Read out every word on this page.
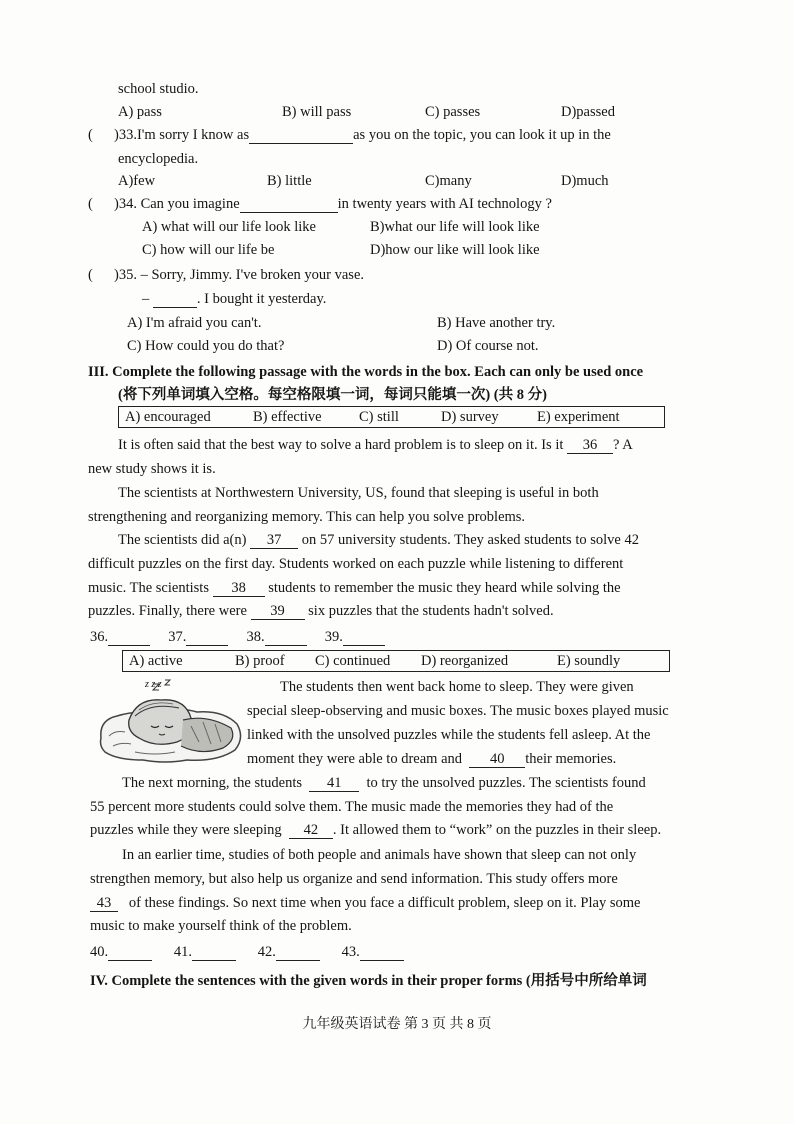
school studio.
A) pass	B) will pass	C) passes	D)passed
( )33.I'm sorry I know as	as you on the topic, you can look it up in the
encyclopedia.
A)few	B) little	C)many	D)much
( )34. Can you imagine	in twenty years with AI technology ?
A) what will our life look like	B)what our life will look like
C) how will our life be	D)how our like will look like
( )35. – Sorry, Jimmy. I've broken your vase.
–	. I bought it yesterday.
A) I'm afraid you can't.	B) Have another try.
C) How could you do that?	D) Of course not.
III. Complete the following passage with the words in the box. Each can only be used once
(将下列单词填入空格。每空格限填一词，每词只能填一次) (共 8 分)
A) encouraged	B) effective	C) still	D) survey	E) experiment
It is often said that the best way to solve a hard problem is to sleep on it. Is it 36 ? A
new study shows it is.
The scientists at Northwestern University, US, found that sleeping is useful in both
strengthening and reorganizing memory. This can help you solve problems.
The scientists did a(n) 37 on 57 university students. They asked students to solve 42
difficult puzzles on the first day. Students worked on each puzzle while listening to different
music. The scientists 38 students to remember the music they heard while solving the
puzzles. Finally, there were 39 six puzzles that the students hadn't solved.
36.	37.	38.	39.
A) active	B) proof C) continued D) reorganized	E) soundly
z z z	The students then went back home to sleep. They were given
special sleep-observing and music boxes. The music boxes played music
linked with the unsolved puzzles while the students fell asleep. At the
moment they were able to dream and 40 their memories.
The next morning, the students 41 to try the unsolved puzzles. The scientists found
55 percent more students could solve them. The music made the memories they had of the
puzzles while they were sleeping 42 . It allowed them to “work” on the puzzles in their sleep.
In an earlier time, studies of both people and animals have shown that sleep can not only
strengthen memory, but also help us organize and send information. This study offers more
43 of these findings. So next time when you face a difficult problem, sleep on it. Play some
music to make yourself think of the problem.
40.	41.	42.	43.
IV. Complete the sentences with the given words in their proper forms (用括号中所给单词
九年级英语试卷 第 3 页 共 8 页
